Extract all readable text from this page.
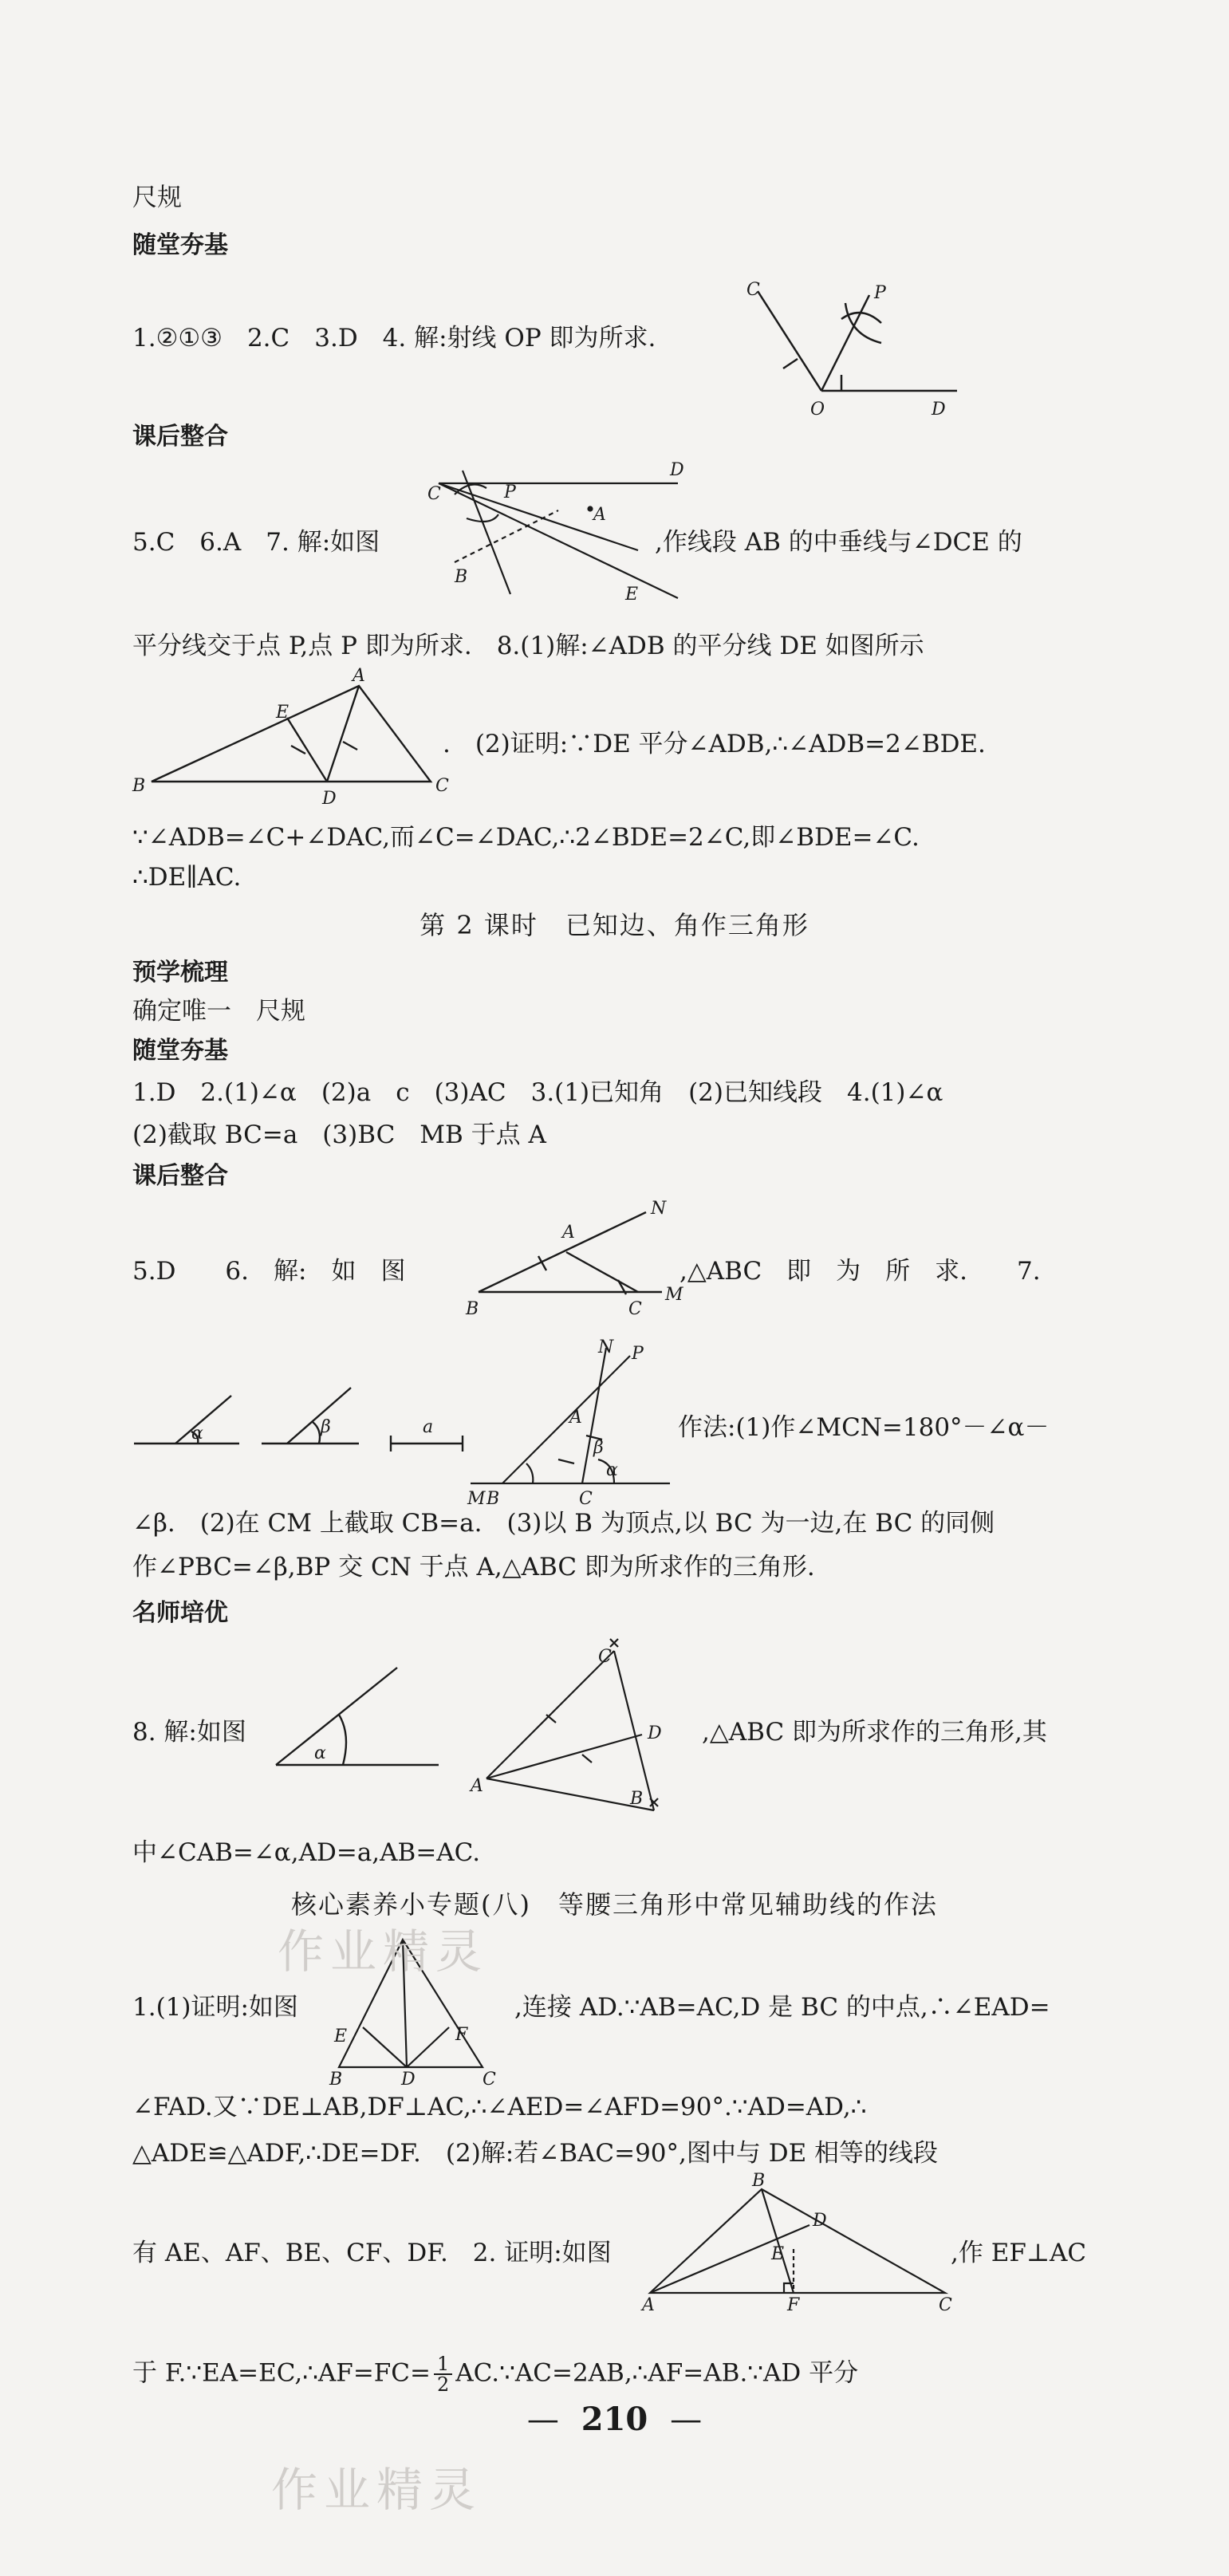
尺规
随堂夯基
1.②①③　2.C　3.D　4. 解:射线 OP 即为所求.
课后整合
5.C　6.A　7. 解:如图	,作线段 AB 的中垂线与∠DCE 的
平分线交于点 P,点 P 即为所求.　8.(1)解:∠ADB 的平分线 DE 如图所示
.　(2)证明:∵DE 平分∠ADB,∴∠ADB=2∠BDE.
∵∠ADB=∠C+∠DAC,而∠C=∠DAC,∴2∠BDE=2∠C,即∠BDE=∠C.
∴DE∥AC.
第 2 课时　已知边、角作三角形
预学梳理
确定唯一　尺规
随堂夯基
1.D　2.(1)∠α　(2)a　c　(3)AC　3.(1)已知角　(2)已知线段　4.(1)∠α
(2)截取 BC=a　(3)BC　MB 于点 A
课后整合
5.D　　6.　解:　如　图	,△ABC　即　为　所　求.　　7.
作法:(1)作∠MCN=180°－∠α－
∠β.　(2)在 CM 上截取 CB=a.　(3)以 B 为顶点,以 BC 为一边,在 BC 的同侧
作∠PBC=∠β,BP 交 CN 于点 A,△ABC 即为所求作的三角形.
名师培优
8. 解:如图	,△ABC 即为所求作的三角形,其
中∠CAB=∠α,AD=a,AB=AC.
核心素养小专题(八)　等腰三角形中常见辅助线的作法
1.(1)证明:如图	,连接 AD.∵AB=AC,D 是 BC 的中点,∴∠EAD=
∠FAD.又∵DE⊥AB,DF⊥AC,∴∠AED=∠AFD=90°.∵AD=AD,∴
△ADE≌△ADF,∴DE=DF.　(2)解:若∠BAC=90°,图中与 DE 相等的线段
有 AE、AF、BE、CF、DF.　2. 证明:如图	,作 EF⊥AC
于 F.∵EA=EC,∴AF=FC= $\frac{1}{2}$ AC.∵AC=2AB,∴AF=AB.∵AD 平分
C	P
O	D
C	P
D
A
B
E
A
E
B
D
C
A
N
B	C
M
α	β	a
N P
A
β
α
M B	C
α
C
D
A
B
E	F
B	D	C
B
D
E
A	F	C
作业精灵
作业精灵
— 210 —
